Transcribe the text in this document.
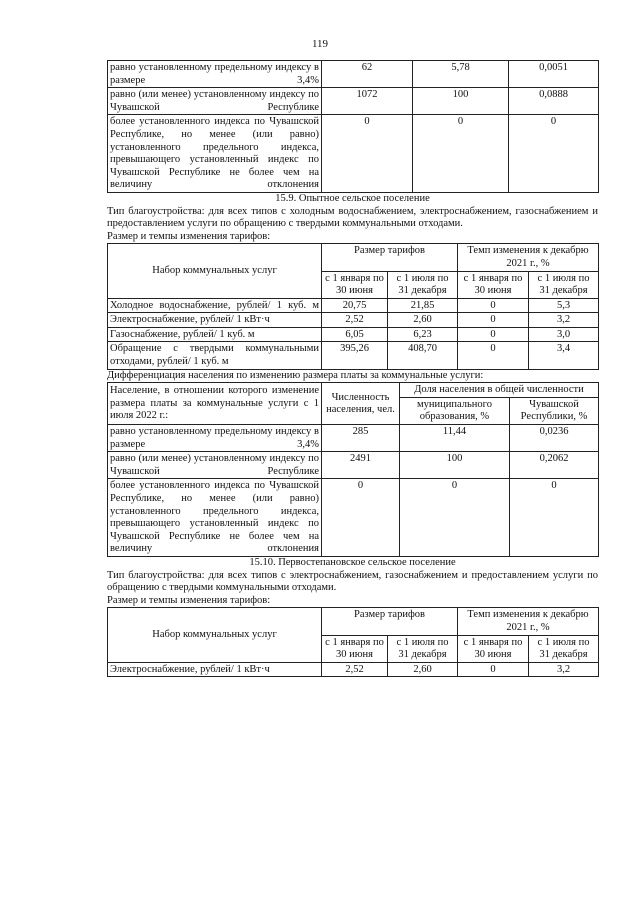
119
равно установленному предельному индексу в размере 3,4%	62	5,78	0,0051
равно (или менее) установленному индексу по Чувашской Республике	1072	100	0,0888
более установленного индекса по Чувашской Республике, но менее (или равно) установленного предельного индекса, превышающего установленный индекс по Чувашской Республике не более чем на величину отклонения	0	0	0

15.9. Опытное сельское поселение

Тип благоустройства: для всех типов с холодным водоснабжением, электроснабжением, газоснабжением и предоставлением услуги по обращению с твердыми коммунальными отходами.

Размер и темпы изменения тарифов:

Набор коммунальных услуг	Размер тарифов		Темп изменения к декабрю 2021 г., %	
	с 1 января по 30 июня	с 1 июля по 31 декабря	с 1 января по 30 июня	с 1 июля по 31 декабря
Холодное водоснабжение, рублей/ 1 куб. м	20,75	21,85	0	5,3
Электроснабжение, рублей/ 1 кВт·ч	2,52	2,60	0	3,2
Газоснабжение, рублей/ 1 куб. м	6,05	6,23	0	3,0
Обращение с твердыми коммунальными отходами, рублей/ 1 куб. м	395,26	408,70	0	3,4

Дифференциация населения по изменению размера платы за коммунальные услуги:

Население, в отношении которого изменение размера платы за коммунальные услуги с 1 июля 2022 г.:	Численность населения, чел.	Доля населения в общей численности	
		муниципального образования, %	Чувашской Республики, %
равно установленному предельному индексу в размере 3,4%	285	11,44	0,0236
равно (или менее) установленному индексу по Чувашской Республике	2491	100	0,2062
более установленного индекса по Чувашской Республике, но менее (или равно) установленного предельного индекса, превышающего установленный индекс по Чувашской Республике не более чем на величину отклонения	0	0	0

15.10. Первостепановское сельское поселение

Тип благоустройства: для всех типов с электроснабжением, газоснабжением и предоставлением услуги по обращению с твердыми коммунальными отходами.

Размер и темпы изменения тарифов:

Набор коммунальных услуг	Размер тарифов		Темп изменения к декабрю 2021 г., %	
	с 1 января по 30 июня	с 1 июля по 31 декабря	с 1 января по 30 июня	с 1 июля по 31 декабря
Электроснабжение, рублей/ 1 кВт·ч	2,52	2,60	0	3,2
